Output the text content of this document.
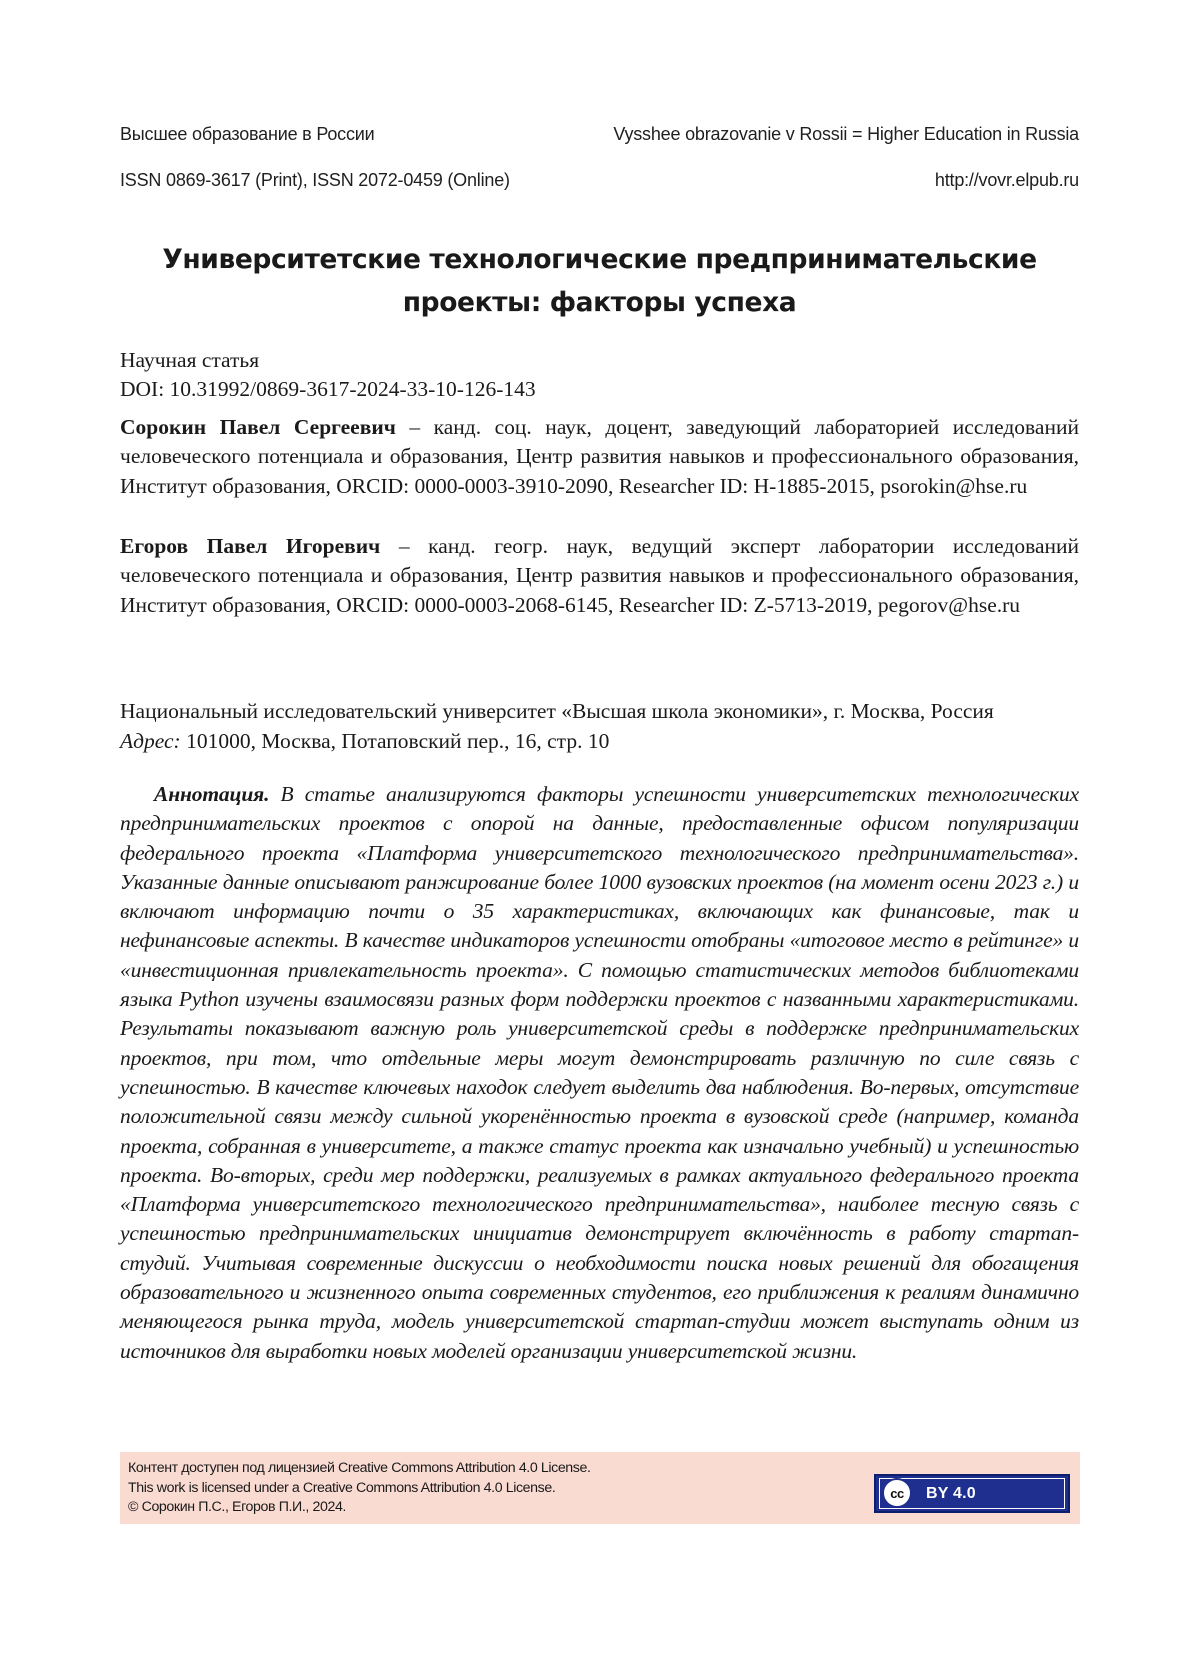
Высшее образование в России	Vysshee obrazovanie v Rossii = Higher Education in Russia
ISSN 0869-3617 (Print), ISSN 2072-0459 (Online)	http://vovr.elpub.ru
Университетские технологические предпринимательские
проекты: факторы успеха
Научная статья
DOI: 10.31992/0869-3617-2024-33-10-126-143
Сорокин Павел Сергеевич – канд. соц. наук, доцент, заведующий лабораторией исследований человеческого потенциала и образования, Центр развития навыков и профессионального образования, Институт образования, ORCID: 0000-0003-3910-2090, Researcher ID: H-1885-2015, psorokin@hse.ru
Егоров Павел Игоревич – канд. геогр. наук, ведущий эксперт лаборатории исследований человеческого потенциала и образования, Центр развития навыков и профессионального образования, Институт образования, ORCID: 0000-0003-2068-6145, Researcher ID: Z-5713-2019, pegorov@hse.ru
Национальный исследовательский университет «Высшая школа экономики», г. Москва, Россия
Адрес: 101000, Москва, Потаповский пер., 16, стр. 10
Аннотация. В статье анализируются факторы успешности университетских технологических предпринимательских проектов с опорой на данные, предоставленные офисом популяризации федерального проекта «Платформа университетского технологического предпринимательства». Указанные данные описывают ранжирование более 1000 вузовских проектов (на момент осени 2023 г.) и включают информацию почти о 35 характеристиках, включающих как финансовые, так и нефинансовые аспекты. В качестве индикаторов успешности отобраны «итоговое место в рейтинге» и «инвестиционная привлекательность проекта». С помощью статистических методов библиотеками языка Python изучены взаимосвязи разных форм поддержки проектов с названными характеристиками. Результаты показывают важную роль университетской среды в поддержке предпринимательских проектов, при том, что отдельные меры могут демонстрировать различную по силе связь с успешностью. В качестве ключевых находок следует выделить два наблюдения. Во-первых, отсутствие положительной связи между сильной укоренённостью проекта в вузовской среде (например, команда проекта, собранная в университете, а также статус проекта как изначально учебный) и успешностью проекта. Во-вторых, среди мер поддержки, реализуемых в рамках актуального федерального проекта «Платформа университетского технологического предпринимательства», наиболее тесную связь с успешностью предпринимательских инициатив демонстрирует включённость в работу стартап-студий. Учитывая современные дискуссии о необходимости поиска новых решений для обогащения образовательного и жизненного опыта современных студентов, его приближения к реалиям динамично меняющегося рынка труда, модель университетской стартап-студии может выступать одним из источников для выработки новых моделей организации университетской жизни.
Контент доступен под лицензией Creative Commons Attribution 4.0 License.
This work is licensed under a Creative Commons Attribution 4.0 License.
© Сорокин П.С., Егоров П.И., 2024.
cc	BY 4.0
